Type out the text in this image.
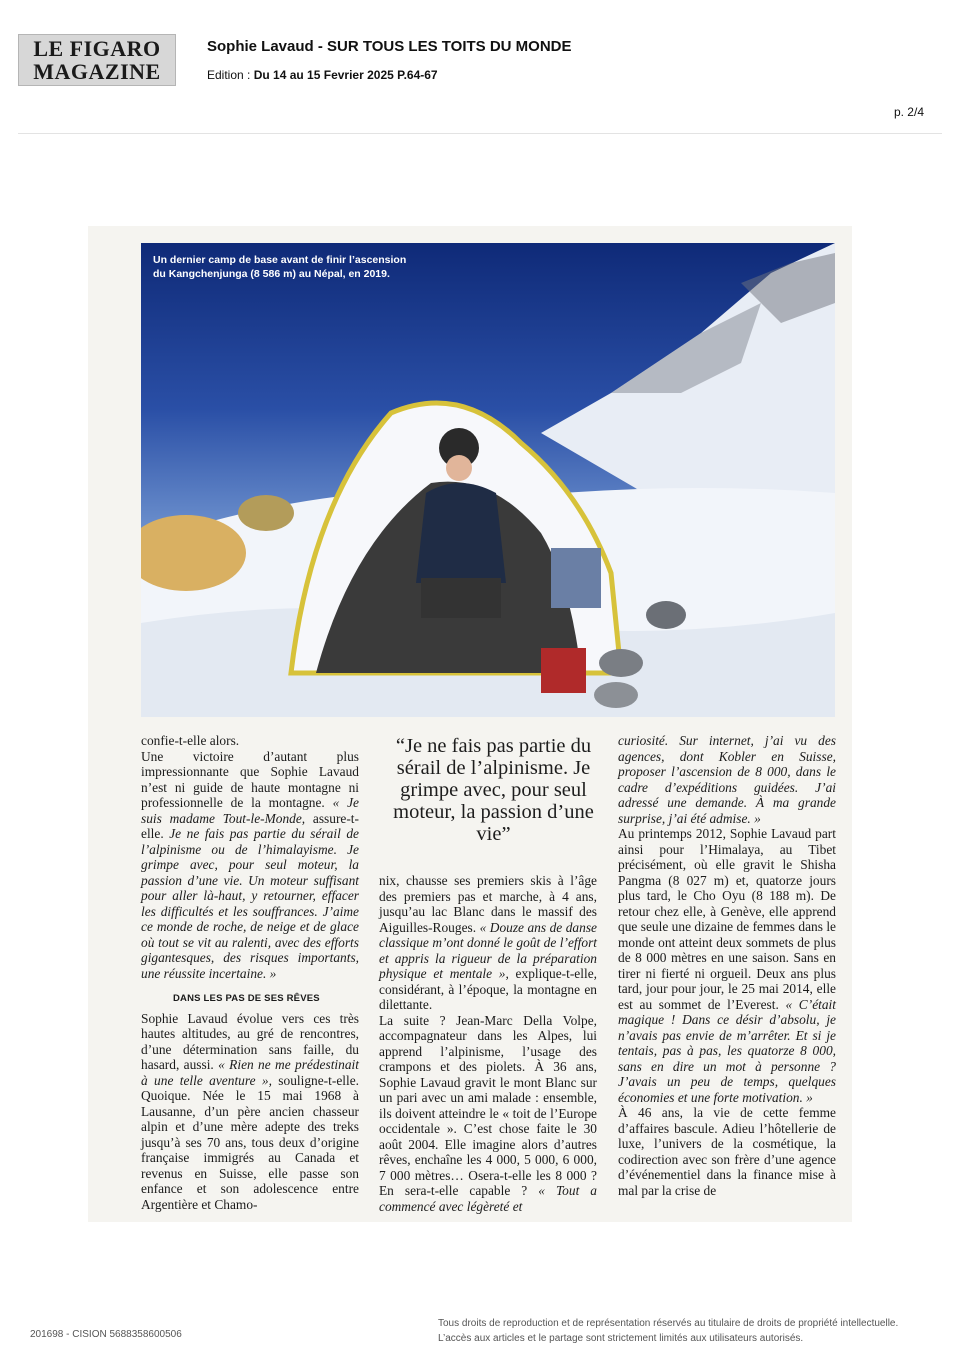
LE FIGARO
MAGAZINE
Sophie Lavaud - SUR TOUS LES TOITS DU MONDE
Edition : Du 14 au 15 Fevrier 2025 P.64-67
p. 2/4
Un dernier camp de base avant de finir l’ascension
du Kangchenjunga (8 586 m) au Népal, en 2019.

confie-t-elle alors.

Une victoire d’autant plus impressionnante que Sophie Lavaud n’est ni guide de haute montagne ni professionnelle de la montagne. « Je suis madame Tout-le-Monde, assure-t-elle. Je ne fais pas partie du sérail de l’alpinisme ou de l’himalayisme. Je grimpe avec, pour seul moteur, la passion d’une vie. Un moteur suffisant pour aller là-haut, y retourner, effacer les difficultés et les souffrances. J’aime ce monde de roche, de neige et de glace où tout se vit au ralenti, avec des efforts gigantesques, des risques importants, une réussite incertaine. »

DANS LES PAS DE SES RÊVES

Sophie Lavaud évolue vers ces très hautes altitudes, au gré de rencontres, d’une détermination sans faille, du hasard, aussi. « Rien ne me prédestinait à une telle aventure », souligne-t-elle. Quoique. Née le 15 mai 1968 à Lausanne, d’un père ancien chasseur alpin et d’une mère adepte des treks jusqu’à ses 70 ans, tous deux d’origine française immigrés au Canada et revenus en Suisse, elle passe son enfance et son adolescence entre Argentière et Chamo-

“Je ne fais pas partie du sérail de l’alpinisme. Je grimpe avec, pour seul moteur, la passion d’une vie”

nix, chausse ses premiers skis à l’âge des premiers pas et marche, à 4 ans, jusqu’au lac Blanc dans le massif des Aiguilles-Rouges. « Douze ans de danse classique m’ont donné le goût de l’effort et appris la rigueur de la préparation physique et mentale », explique-t-elle, considérant, à l’époque, la montagne en dilettante.

La suite ? Jean-Marc Della Volpe, accompagnateur dans les Alpes, lui apprend l’alpinisme, l’usage des crampons et des piolets. À 36 ans, Sophie Lavaud gravit le mont Blanc sur un pari avec un ami malade : ensemble, ils doivent atteindre le « toit de l’Europe occidentale ». C’est chose faite le 30 août 2004. Elle imagine alors d’autres rêves, enchaîne les 4 000, 5 000, 6 000, 7 000 mètres… Osera-t-elle les 8 000 ? En sera-t-elle capable ? « Tout a commencé avec légèreté et

curiosité. Sur internet, j’ai vu des agences, dont Kobler en Suisse, proposer l’ascension de 8 000, dans le cadre d’expéditions guidées. J’ai adressé une demande. À ma grande surprise, j’ai été admise. »

Au printemps 2012, Sophie Lavaud part ainsi pour l’Himalaya, au Tibet précisément, où elle gravit le Shisha Pangma (8 027 m) et, quatorze jours plus tard, le Cho Oyu (8 188 m). De retour chez elle, à Genève, elle apprend que seule une dizaine de femmes dans le monde ont atteint deux sommets de plus de 8 000 mètres en une saison. Sans en tirer ni fierté ni orgueil. Deux ans plus tard, jour pour jour, le 25 mai 2014, elle est au sommet de l’Everest. « C’était magique ! Dans ce désir d’absolu, je n’avais pas envie de m’arrêter. Et si je tentais, pas à pas, les quatorze 8 000, sans en dire un mot à personne ? J’avais un peu de temps, quelques économies et une forte motivation. »

À 46 ans, la vie de cette femme d’affaires bascule. Adieu l’hôtellerie de luxe, l’univers de la cosmétique, la codirection avec son frère d’une agence d’événementiel dans la finance mise à mal par la crise de

201698 - CISION 5688358600506
Tous droits de reproduction et de représentation réservés au titulaire de droits de propriété intellectuelle.
L’accès aux articles et le partage sont strictement limités aux utilisateurs autorisés.
